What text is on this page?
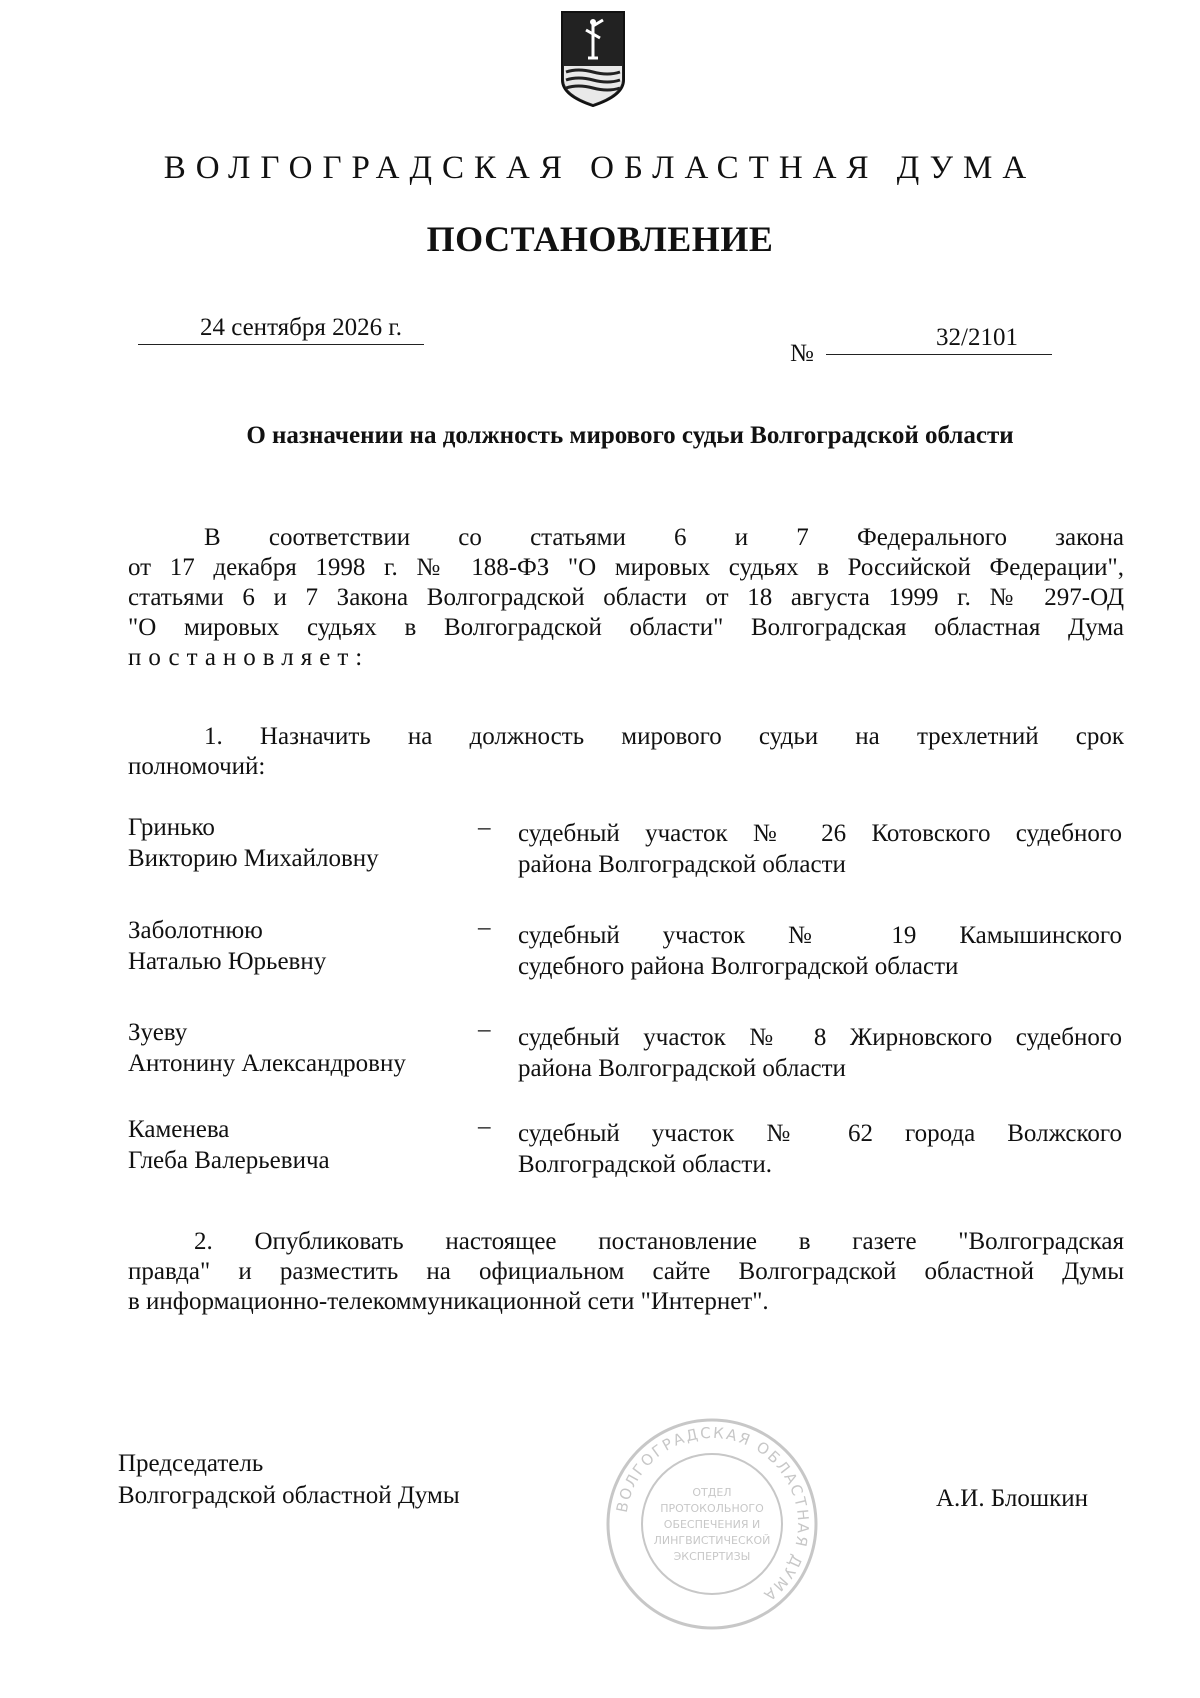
ВОЛГОГРАДСКАЯ ОБЛАСТНАЯ ДУМА
ПОСТАНОВЛЕНИЕ
24 сентября 2026 г.
№
32/2101
О назначении на должность мирового судьи Волгоградской области
В соответствии со статьями 6 и 7 Федерального закона
от 17 декабря 1998 г. № 188-ФЗ "О мировых судьях в Российской Федерации",
статьями 6 и 7 Закона Волгоградской области от 18 августа 1999 г. № 297-ОД
"О мировых судьях в Волгоградской области" Волгоградская областная Дума
постановляет:
1. Назначить на должность мирового судьи на трехлетний срок
полномочий:
Гринько
Викторию Михайловну
– судебный участок № 26 Котовского судебного
района Волгоградской области
Заболотнюю
Наталью Юрьевну
– судебный участок № 19 Камышинского
судебного района Волгоградской области
Зуеву
Антонину Александровну
– судебный участок № 8 Жирновского судебного
района Волгоградской области
Каменева
Глеба Валерьевича
– судебный участок № 62 города Волжского
Волгоградской области.
2. Опубликовать настоящее постановление в газете "Волгоградская
правда" и разместить на официальном сайте Волгоградской областной Думы
в информационно-телекоммуникационной сети "Интернет".
Председатель
Волгоградской областной Думы	А.И. Блошкин
ВОЛГОГРАДСКАЯ ОБЛАСТНАЯ ДУМА
ОТДЕЛ
ПРОТОКОЛЬНОГО
ОБЕСПЕЧЕНИЯ И
ЛИНГВИСТИЧЕСКОЙ
ЭКСПЕРТИЗЫ
